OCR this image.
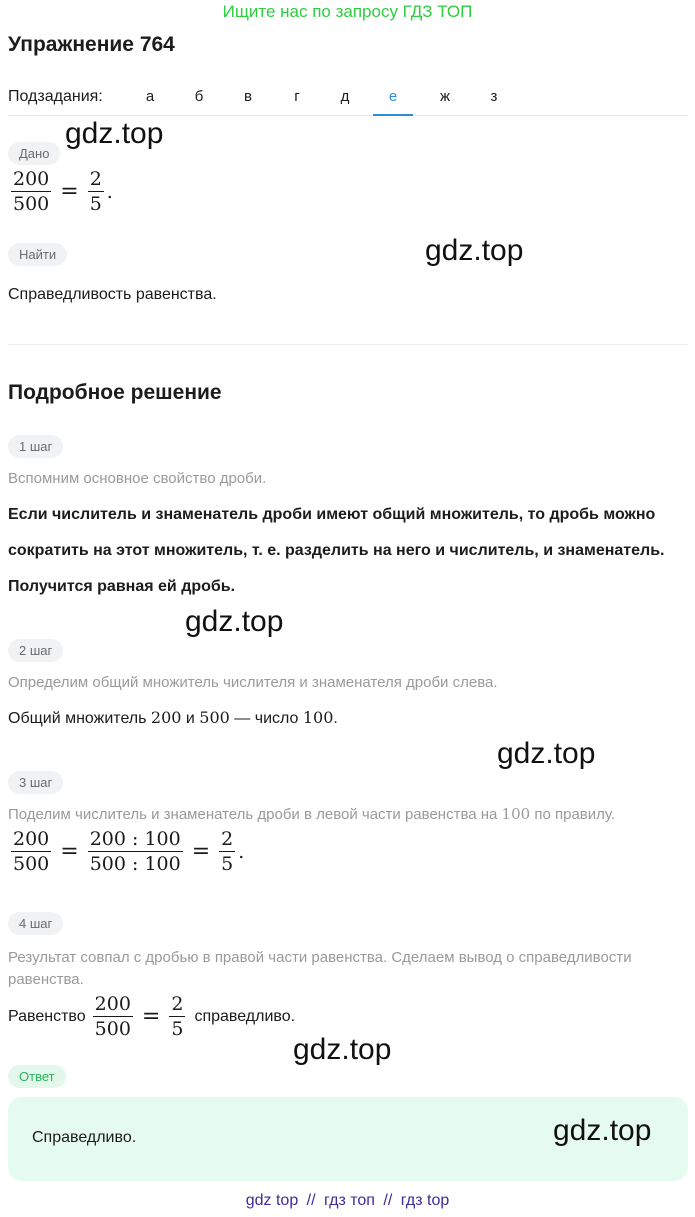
Ищите нас по запросу ГДЗ ТОП
Упражнение 764
Подзадания:	а	б	в	г	д	е	ж	з
Дано
$\frac{200}{500} = \frac{2}{5}$ .
Найти
Справедливость равенства.
Подробное решение
1 шаг
Вспомним основное свойство дроби.
Если числитель и знаменатель дроби имеют общий множитель, то дробь можно сократить на этот множитель, т. е. разделить на него и числитель, и знаменатель. Получится равная ей дробь.
2 шаг
Определим общий множитель числителя и знаменателя дроби слева.
Общий множитель 200 и 500 — число 100.
3 шаг
Поделим числитель и знаменатель дроби в левой части равенства на 100 по правилу.
$\frac{200}{500} = \frac{200 : 100}{500 : 100} = \frac{2}{5}$ .
4 шаг
Результат совпал с дробью в правой части равенства. Сделаем вывод о справедливости равенства.
Равенство $\frac{200}{500} = \frac{2}{5}$ справедливо.
Ответ
Справедливо.
gdz.top
gdz.top
gdz.top
gdz.top
gdz.top
gdz.top
gdz top // гдз топ // гдз top
